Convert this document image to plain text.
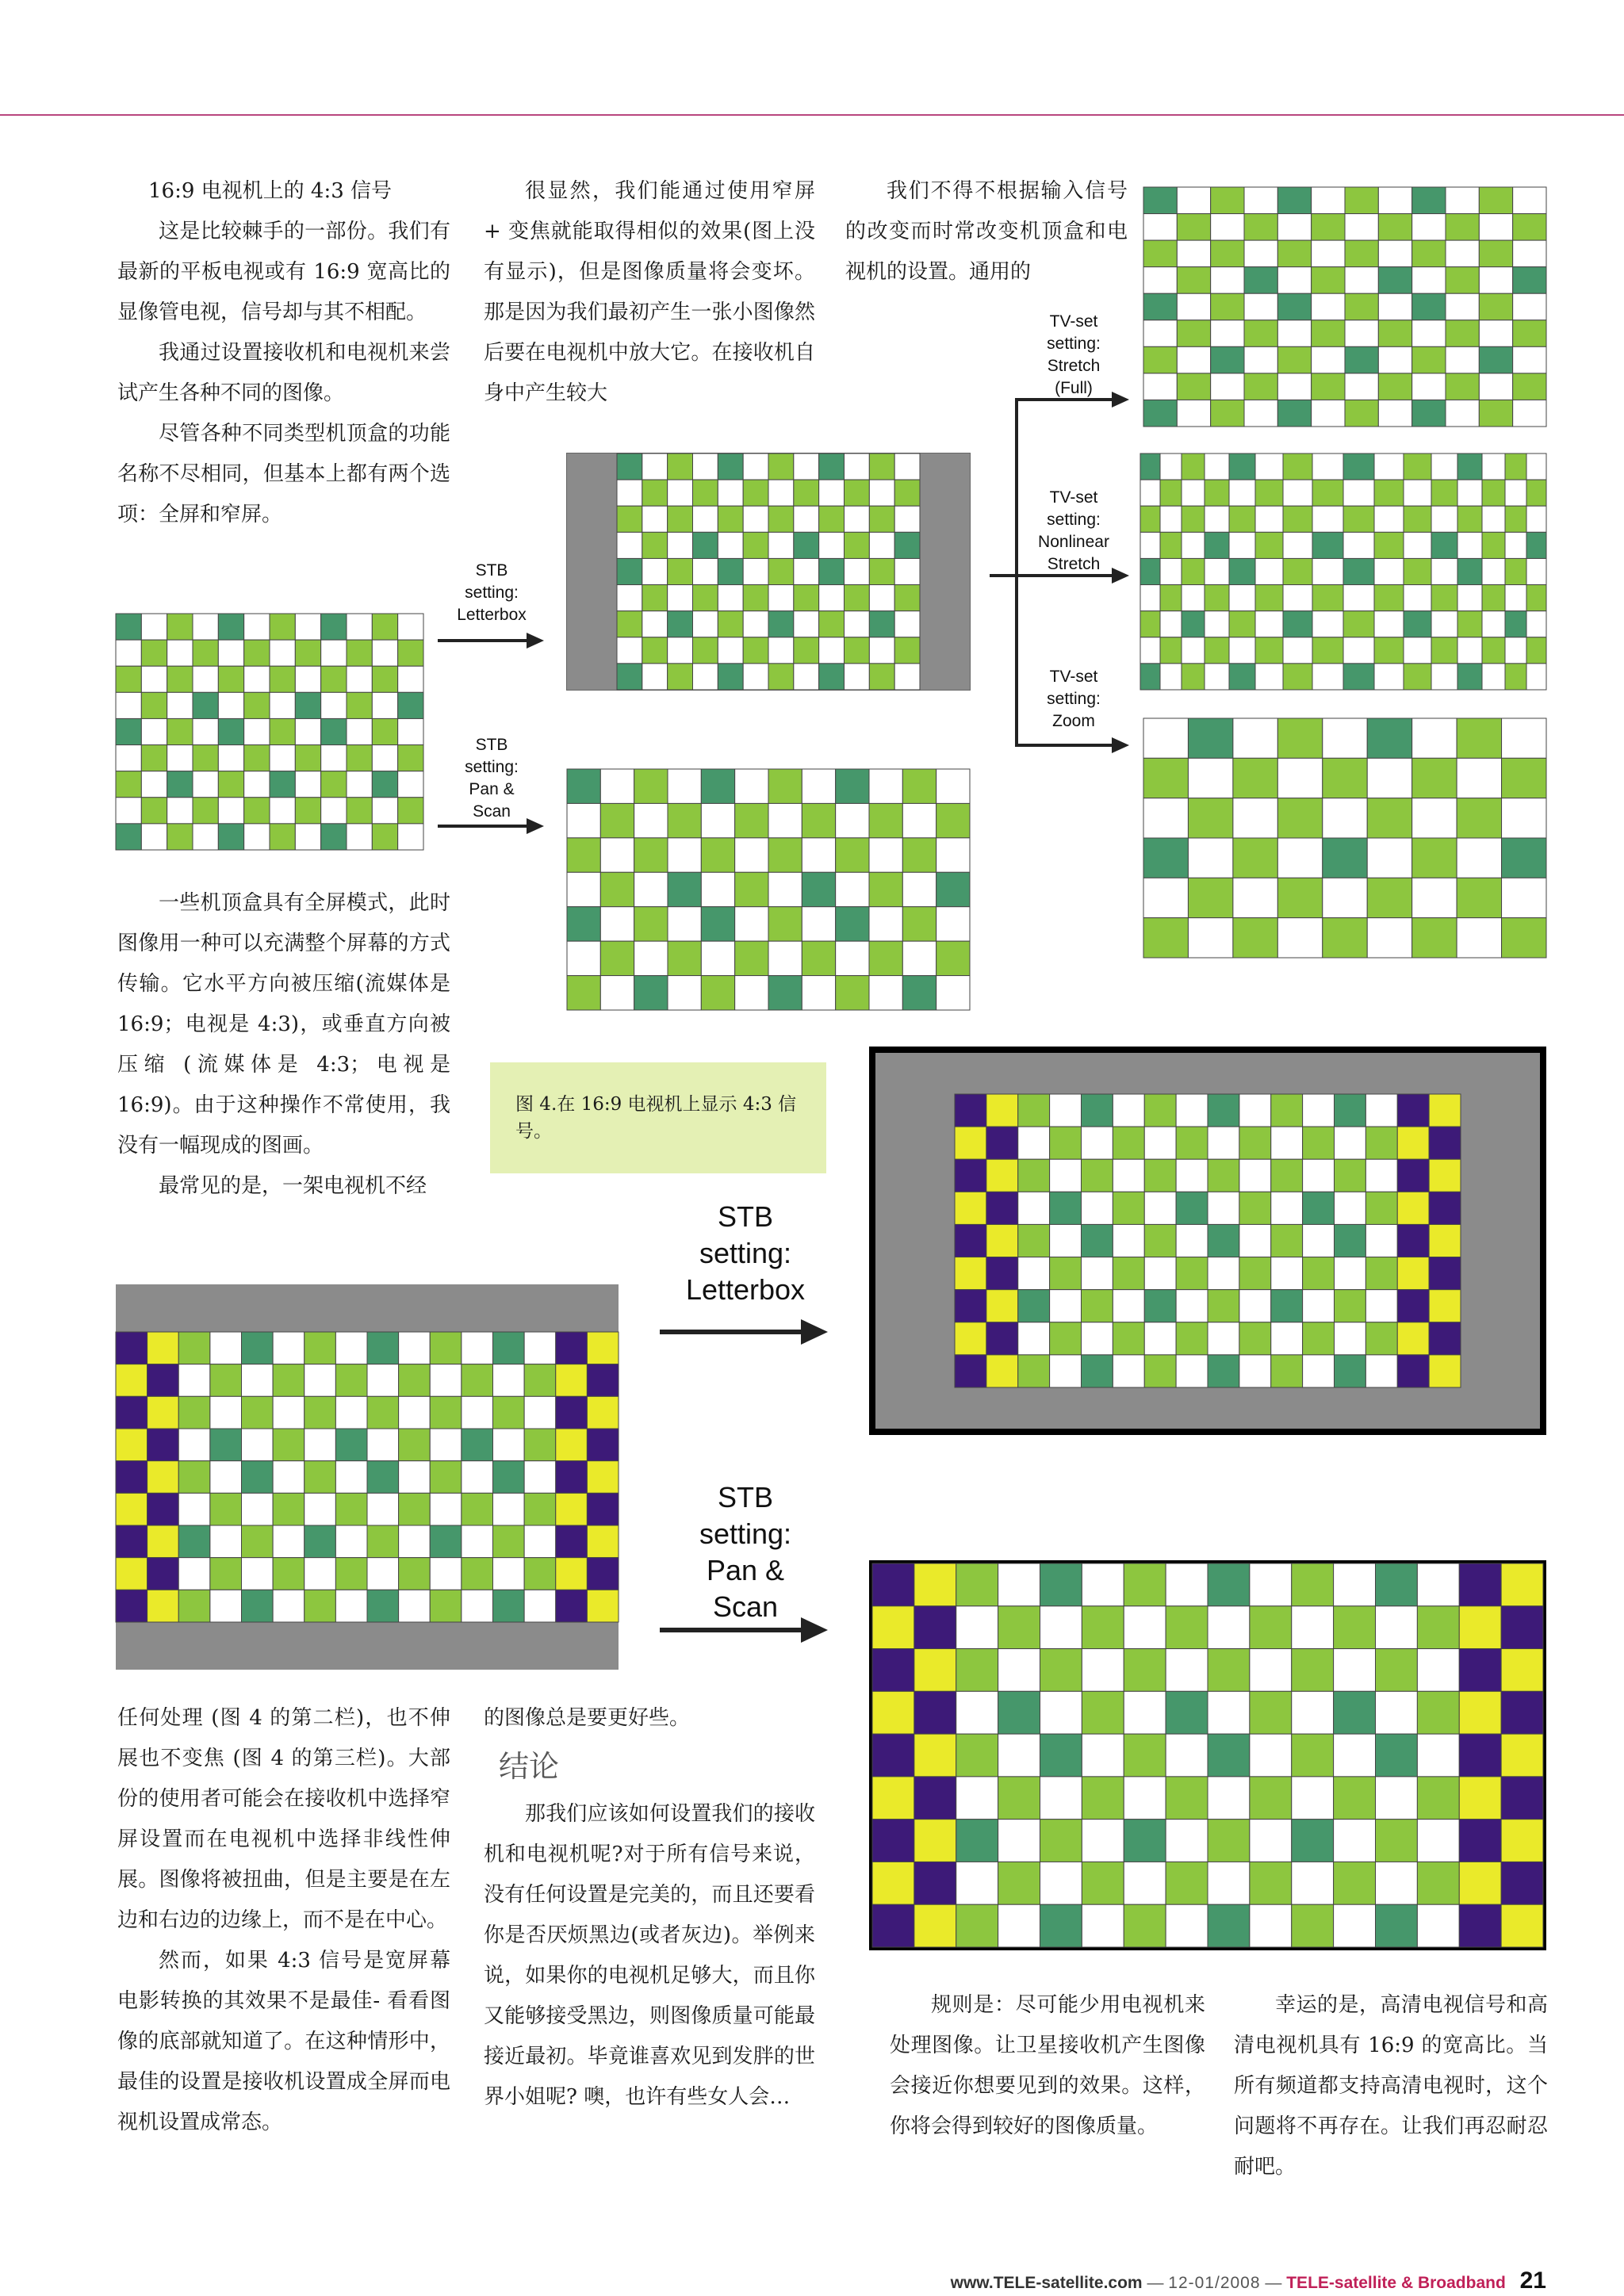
16:9 电视机上的 4:3 信号

这是比较棘手的一部份。我们有最新的平板电视或有 16:9 宽高比的显像管电视，信号却与其不相配。

我通过设置接收机和电视机来尝试产生各种不同的图像。

尽管各种不同类型机顶盒的功能名称不尽相同，但基本上都有两个选项：全屏和窄屏。

很显然，我们能通过使用窄屏 + 变焦就能取得相似的效果(图上没有显示)，但是图像质量将会变坏。那是因为我们最初产生一张小图像然后要在电视机中放大它。在接收机自身中产生较大

我们不得不根据输入信号的改变而时常改变机顶盒和电视机的设置。通用的

一些机顶盒具有全屏模式，此时图像用一种可以充满整个屏幕的方式传输。它水平方向被压缩(流媒体是 16:9；电视是 4:3)，或垂直方向被压缩 (流媒体是 4:3；电视是 16:9)。由于这种操作不常使用，我没有一幅现成的图画。

最常见的是，一架电视机不经

图 4.在 16:9 电视机上显示 4:3 信号。

任何处理 (图 4 的第二栏)，也不伸展也不变焦 (图 4 的第三栏)。大部份的使用者可能会在接收机中选择窄屏设置而在电视机中选择非线性伸展。图像将被扭曲，但是主要是在左边和右边的边缘上，而不是在中心。

然而，如果 4:3 信号是宽屏幕电影转换的其效果不是最佳- 看看图像的底部就知道了。在这种情形中，最佳的设置是接收机设置成全屏而电视机设置成常态。

的图像总是要更好些。

结论

那我们应该如何设置我们的接收机和电视机呢?对于所有信号来说，没有任何设置是完美的，而且还要看你是否厌烦黑边(或者灰边)。举例来说，如果你的电视机足够大，而且你又能够接受黑边，则图像质量可能最接近最初。毕竟谁喜欢见到发胖的世界小姐呢? 噢，也许有些女人会…

规则是：尽可能少用电视机来处理图像。让卫星接收机产生图像会接近你想要见到的效果。这样，你将会得到较好的图像质量。

幸运的是，高清电视信号和高清电视机具有 16:9 的宽高比。当所有频道都支持高清电视时，这个问题将不再存在。让我们再忍耐忍耐吧。

STB
setting:
Letterbox
STB
setting:
Pan &
Scan
TV-set
setting:
Stretch
(Full)
TV-set
setting:
Nonlinear
Stretch
TV-set
setting:
Zoom
STB
setting:
Letterbox
STB
setting:
Pan &
Scan
www.TELE-satellite.com — 12-01/2008 — TELE-satellite & Broadband 21
